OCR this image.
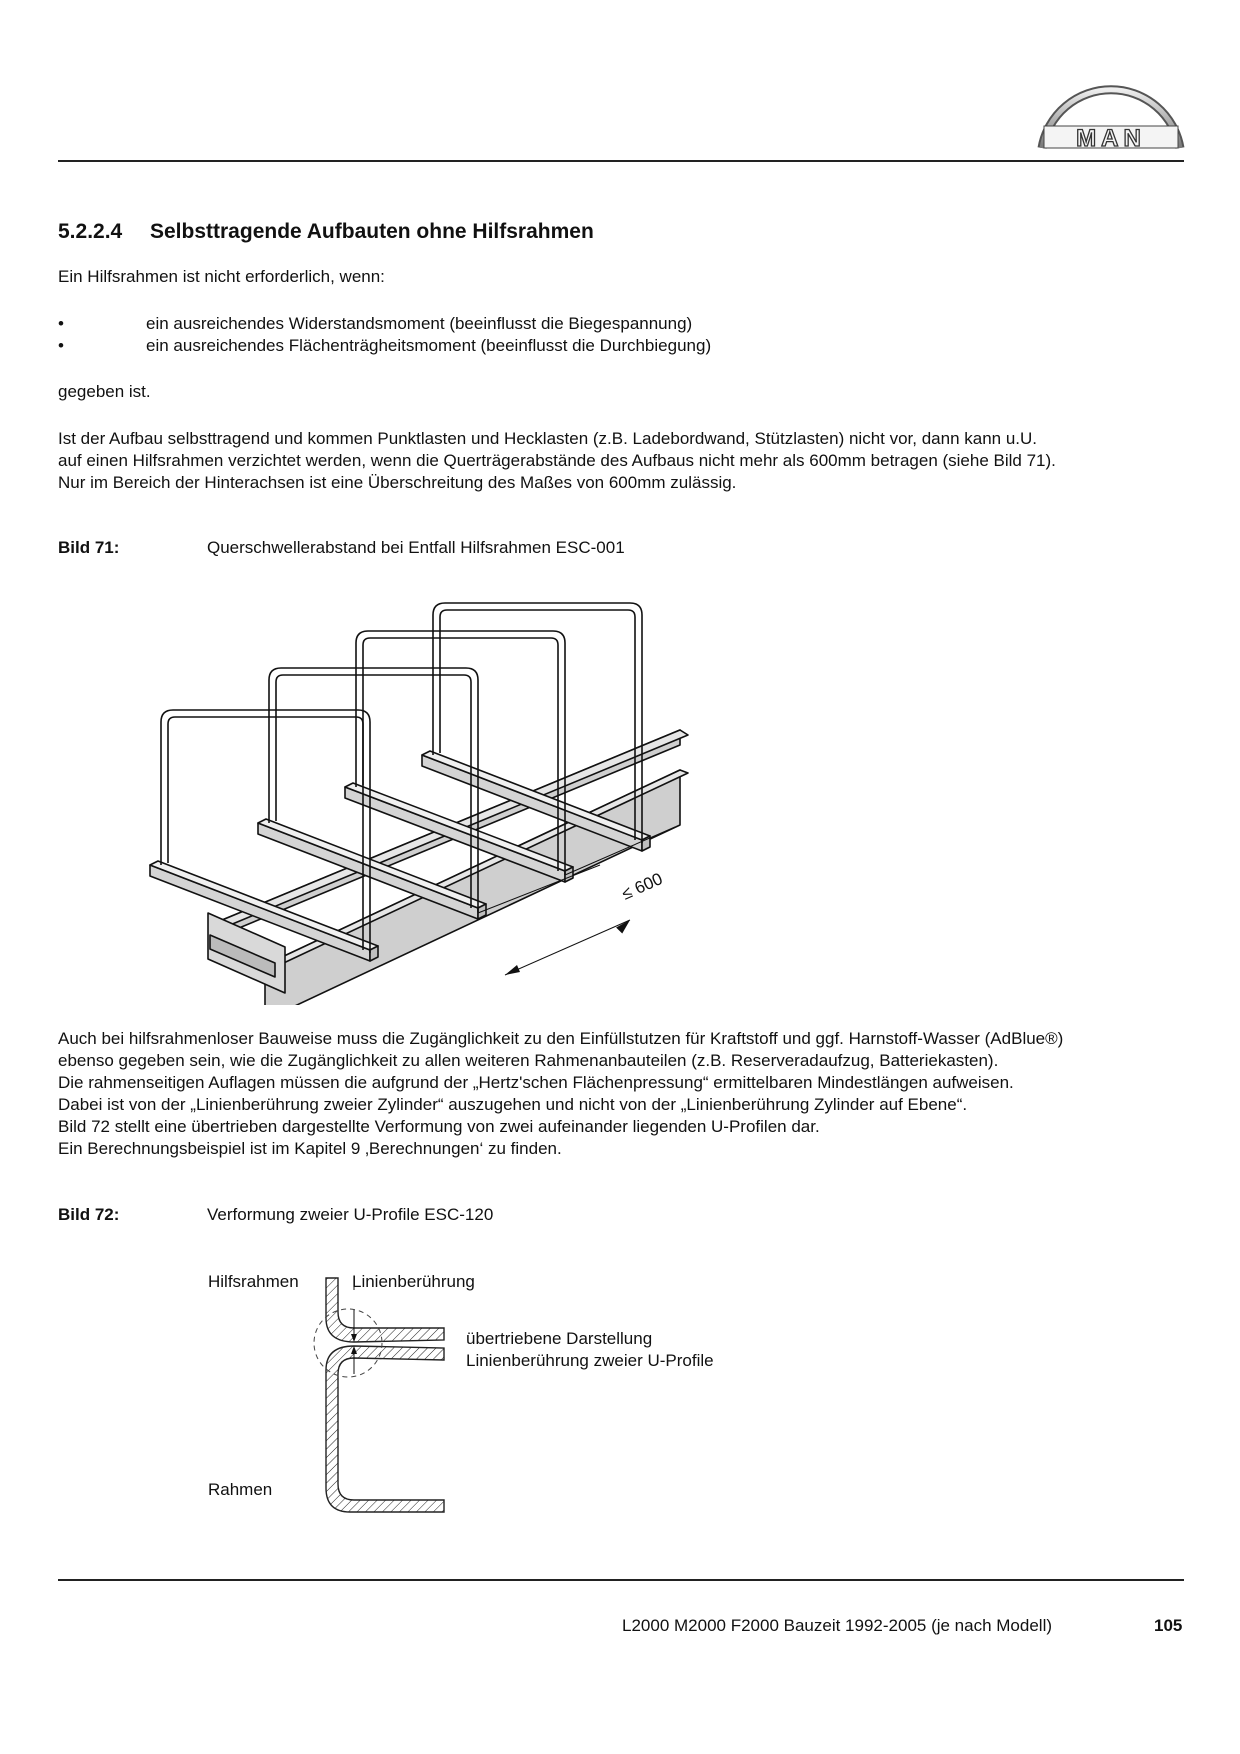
MAN
5.2.2.4 Selbsttragende Aufbauten ohne Hilfsrahmen
Ein Hilfsrahmen ist nicht erforderlich, wenn:
•	ein ausreichendes Widerstandsmoment (beeinflusst die Biegespannung)
•	ein ausreichendes Flächenträgheitsmoment (beeinflusst die Durchbiegung)
gegeben ist.
Ist der Aufbau selbsttragend und kommen Punktlasten und Hecklasten (z.B. Ladebordwand, Stützlasten) nicht vor, dann kann u.U.
auf einen Hilfsrahmen verzichtet werden, wenn die Querträgerabstände des Aufbaus nicht mehr als 600mm betragen (siehe Bild 71).
Nur im Bereich der Hinterachsen ist eine Überschreitung des Maßes von 600mm zulässig.
Bild 71:	Querschwellerabstand bei Entfall Hilfsrahmen ESC-001
≤ 600
Auch bei hilfsrahmenloser Bauweise muss die Zugänglichkeit zu den Einfüllstutzen für Kraftstoff und ggf. Harnstoff-Wasser (AdBlue®)
ebenso gegeben sein, wie die Zugänglichkeit zu allen weiteren Rahmenanbauteilen (z.B. Reserveradaufzug, Batteriekasten).
Die rahmenseitigen Auflagen müssen die aufgrund der „Hertz'schen Flächenpressung“ ermittelbaren Mindestlängen aufweisen.
Dabei ist von der „Linienberührung zweier Zylinder“ auszugehen und nicht von der „Linienberührung Zylinder auf Ebene“.
Bild 72 stellt eine übertrieben dargestellte Verformung von zwei aufeinander liegenden U-Profilen dar.
Ein Berechnungsbeispiel ist im Kapitel 9 ‚Berechnungen‘ zu finden.
Bild 72:	Verformung zweier U-Profile ESC-120
Hilfsrahmen	Linienberührung
übertriebene Darstellung
Linienberührung zweier U-Profile
Rahmen
L2000 M2000 F2000 Bauzeit 1992-2005 (je nach Modell)	105
